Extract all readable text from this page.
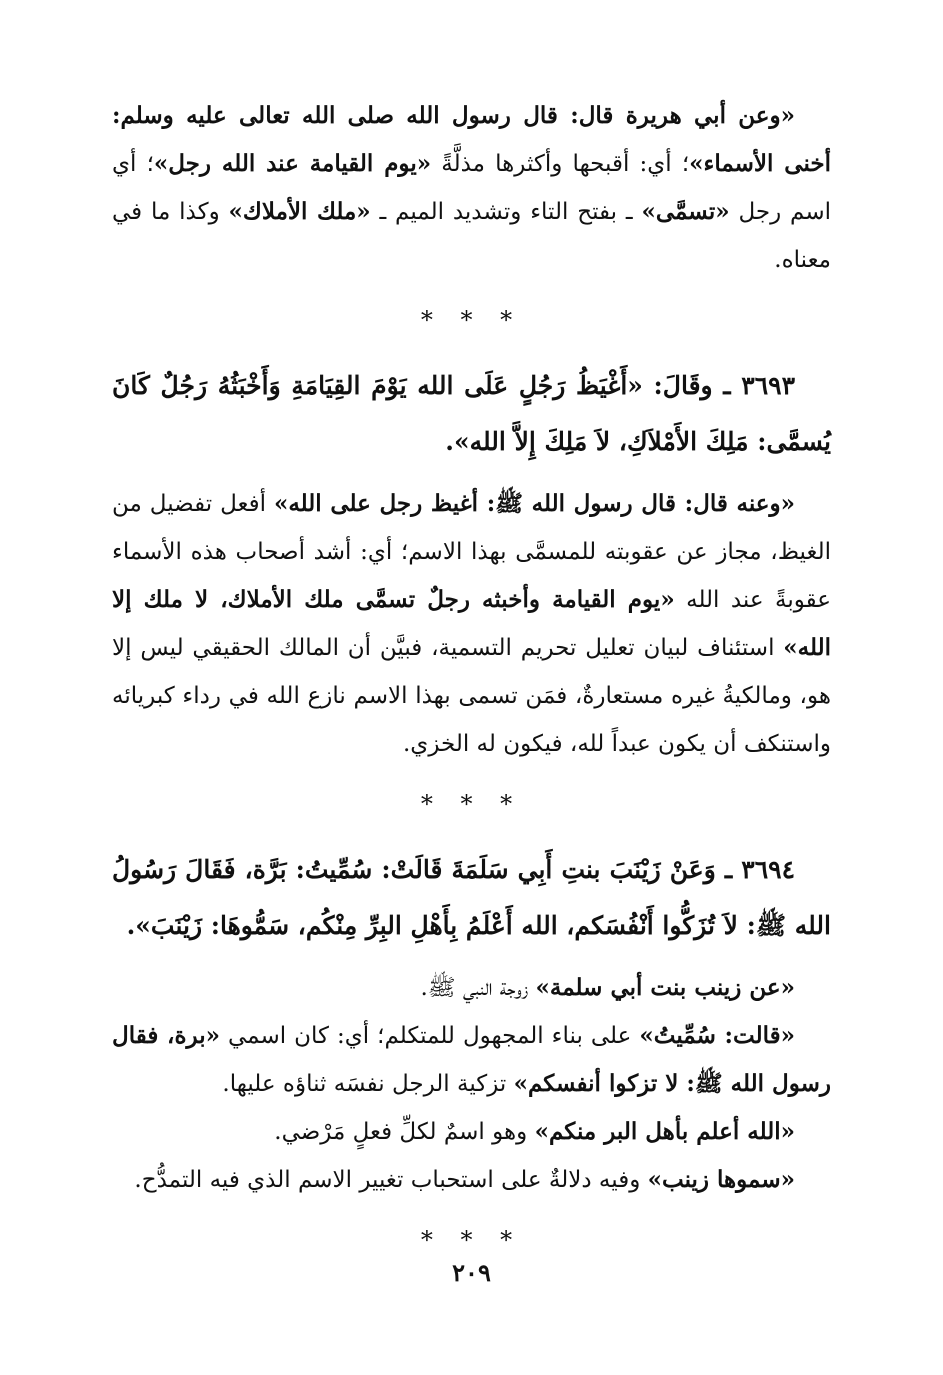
«وعن أبي هريرة قال: قال رسول الله صلى الله تعالى عليه وسلم: أخنى الأسماء»؛ أي: أقبحها وأكثرها مذلَّةً «يوم القيامة عند الله رجل»؛ أي اسم رجل «تسمَّى» ـ بفتح التاء وتشديد الميم ـ «ملك الأملاك» وكذا ما في معناه.

* * *

٣٦٩٣ ـ وقَالَ: «أَغْيَظُ رَجُلٍ عَلَى الله يَوْمَ القِيَامَةِ وَأَخْبَثُهُ رَجُلٌ كَانَ يُسمَّى: مَلِكَ الأَمْلاَكِ، لاَ مَلِكَ إِلاَّ الله».

«وعنه قال: قال رسول الله ﷺ: أغيظ رجل على الله» أفعل تفضيل من الغيظ، مجاز عن عقوبته للمسمَّى بهذا الاسم؛ أي: أشد أصحاب هذه الأسماء عقوبةً عند الله «يوم القيامة وأخبثه رجلٌ تسمَّى ملك الأملاك، لا ملك إلا الله» استئناف لبيان تعليل تحريم التسمية، فبيَّن أن المالك الحقيقي ليس إلا هو، ومالكيةُ غيره مستعارةٌ، فمَن تسمى بهذا الاسم نازع الله في رداء كبريائه واستنكف أن يكون عبداً لله، فيكون له الخزي.

* * *

٣٦٩٤ ـ وَعَنْ زَيْنَبَ بنتِ أَبِي سَلَمَةَ قَالَتْ: سُمِّيتُ: بَرَّة، فَقَالَ رَسُولُ الله ﷺ: لاَ تُزَكُّوا أَنْفُسَكم، الله أَعْلَمُ بِأَهْلِ البِرِّ مِنْكُم، سَمُّوهَا: زَيْنَبَ».

«عن زينب بنت أبي سلمة» زوجة النبي ﷺ.

«قالت: سُمِّيتُ» على بناء المجهول للمتكلم؛ أي: كان اسمي «برة، فقال رسول الله ﷺ: لا تزكوا أنفسكم» تزكية الرجل نفسَه ثناؤه عليها.

«الله أعلم بأهل البر منكم» وهو اسمٌ لكلِّ فعلٍ مَرْضي.

«سموها زينب» وفيه دلالةٌ على استحباب تغيير الاسم الذي فيه التمدُّح.

* * *
٢٠٩
